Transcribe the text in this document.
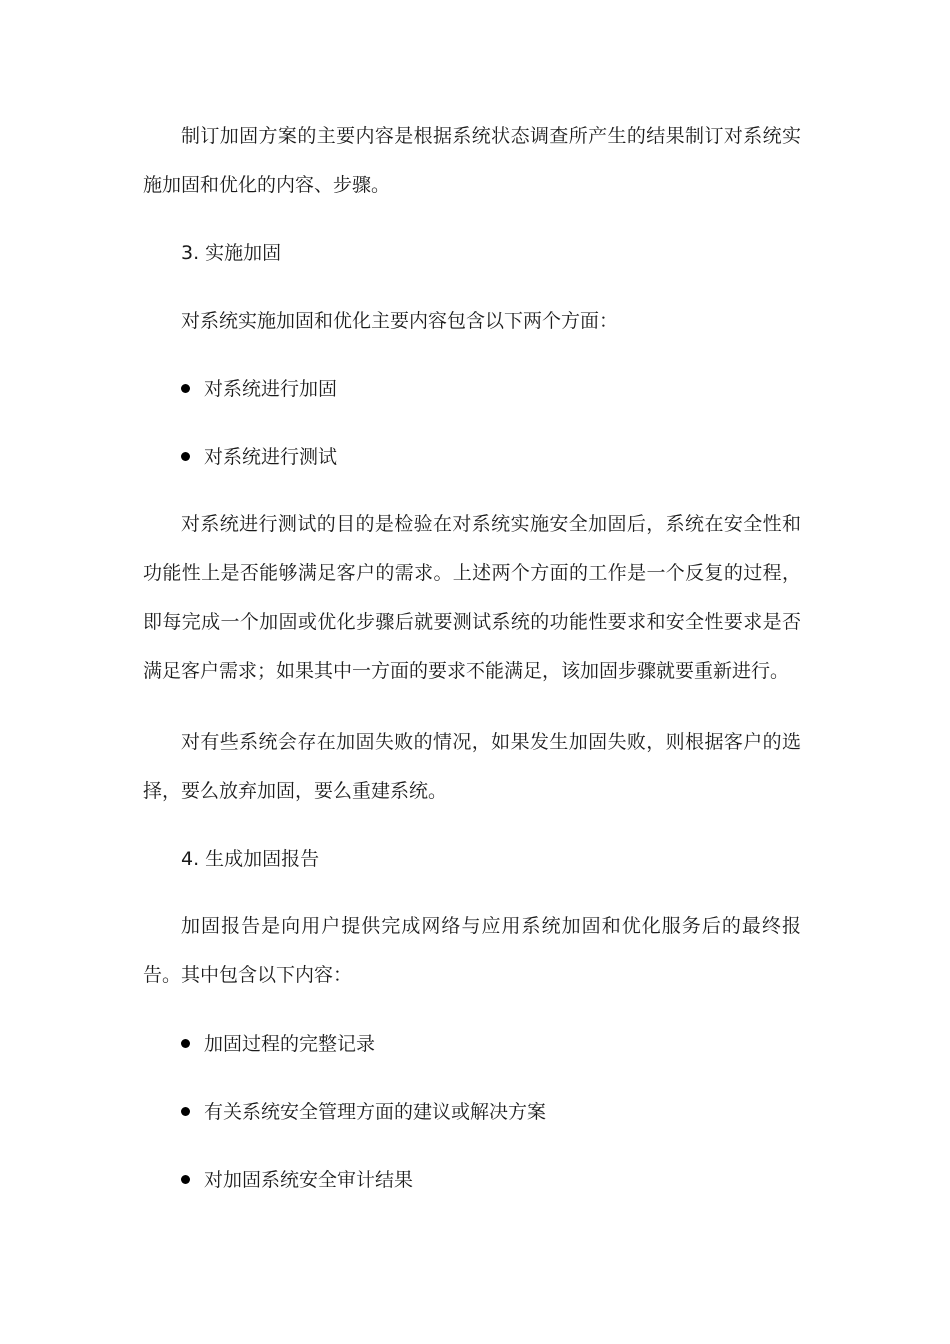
制订加固方案的主要内容是根据系统状态调查所产生的结果制订对系统实施加固和优化的内容、步骤。
3. 实施加固
对系统实施加固和优化主要内容包含以下两个方面：
对系统进行加固
对系统进行测试
对系统进行测试的目的是检验在对系统实施安全加固后，系统在安全性和功能性上是否能够满足客户的需求。上述两个方面的工作是一个反复的过程，即每完成一个加固或优化步骤后就要测试系统的功能性要求和安全性要求是否满足客户需求；如果其中一方面的要求不能满足，该加固步骤就要重新进行。
对有些系统会存在加固失败的情况，如果发生加固失败，则根据客户的选择，要么放弃加固，要么重建系统。
4. 生成加固报告
加固报告是向用户提供完成网络与应用系统加固和优化服务后的最终报告。其中包含以下内容：
加固过程的完整记录
有关系统安全管理方面的建议或解决方案
对加固系统安全审计结果
